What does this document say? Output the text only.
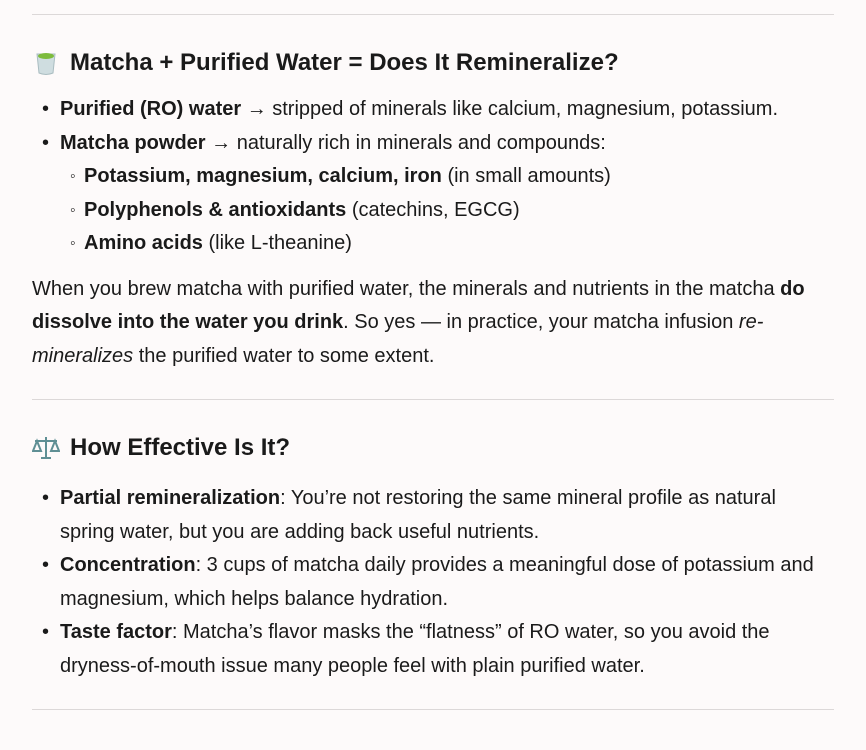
Matcha + Purified Water = Does It Remineralize?
• Purified (RO) water → stripped of minerals like calcium, magnesium, potassium.
• Matcha powder → naturally rich in minerals and compounds:
◦ Potassium, magnesium, calcium, iron (in small amounts)
◦ Polyphenols & antioxidants (catechins, EGCG)
◦ Amino acids (like L-theanine)

When you brew matcha with purified water, the minerals and nutrients in the matcha do dissolve into the water you drink. So yes — in practice, your matcha infusion re-mineralizes the purified water to some extent.

How Effective Is It?
• Partial remineralization: You’re not restoring the same mineral profile as natural spring water, but you are adding back useful nutrients.
• Concentration: 3 cups of matcha daily provides a meaningful dose of potassium and magnesium, which helps balance hydration.
• Taste factor: Matcha’s flavor masks the “flatness” of RO water, so you avoid the dryness-of-mouth issue many people feel with plain purified water.
